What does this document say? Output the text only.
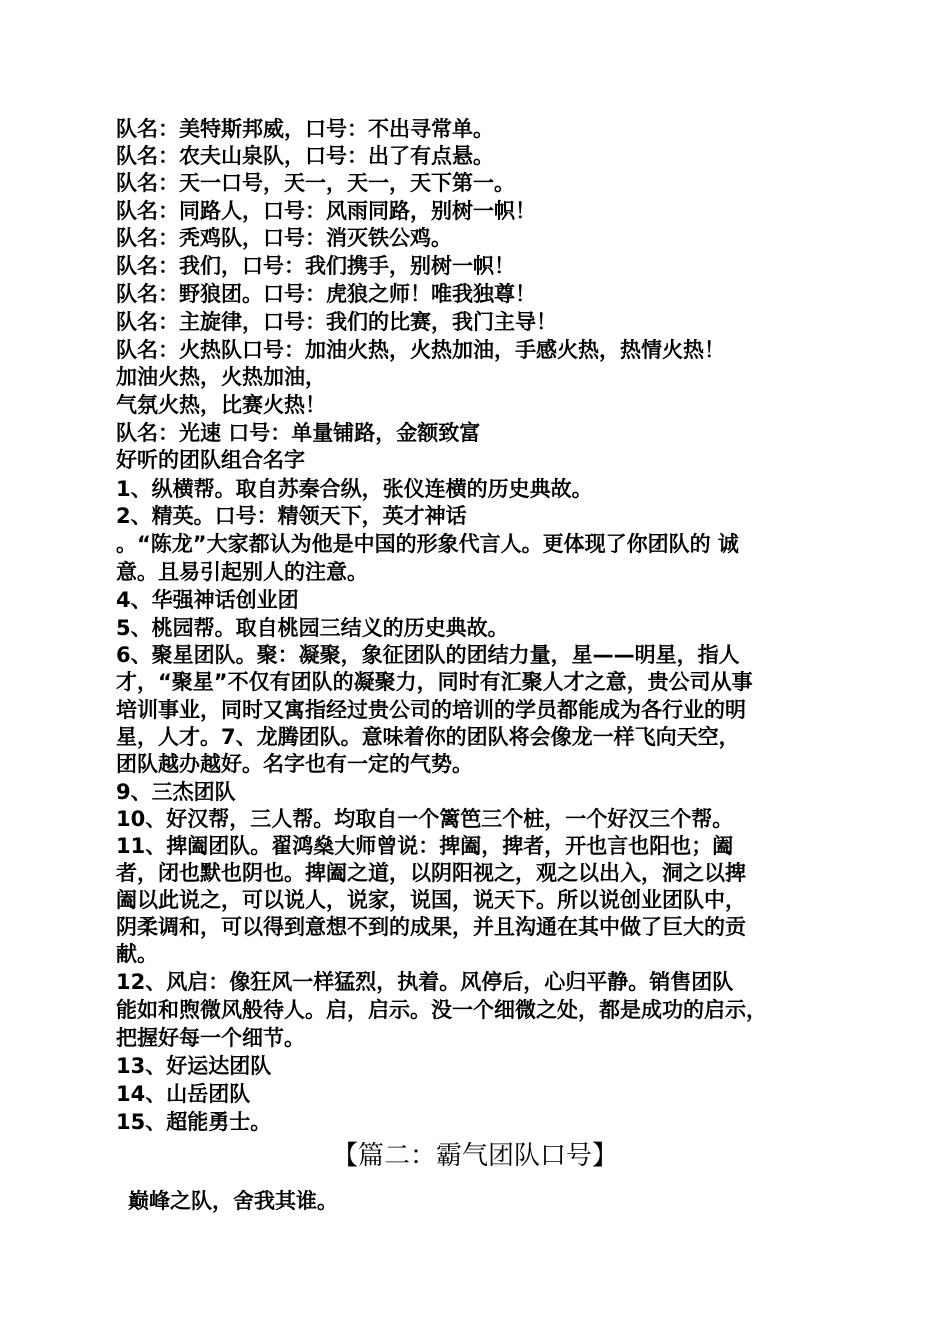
队名：美特斯邦威，口号：不出寻常单。
队名：农夫山泉队，口号：出了有点悬。
队名：天一口号，天一，天一，天下第一。
队名：同路人，口号：风雨同路，别树一帜！
队名：秃鸡队，口号：消灭铁公鸡。
队名：我们，口号：我们携手，别树一帜！
队名：野狼团。口号：虎狼之师！唯我独尊！
队名：主旋律，口号：我们的比赛，我门主导！
队名：火热队口号：加油火热，火热加油，手感火热，热情火热！
加油火热，火热加油，
气氛火热，比赛火热！
队名：光速 口号：单量铺路，金额致富
好听的团队组合名字
1、纵横帮。取自苏秦合纵，张仪连横的历史典故。
2、精英。口号：精领天下，英才神话
。“陈龙”大家都认为他是中国的形象代言人。更体现了你团队的 诚
意。且易引起别人的注意。
4、华强神话创业团
5、桃园帮。取自桃园三结义的历史典故。
6、聚星团队。聚：凝聚，象征团队的团结力量，星——明星，指人
才，“聚星”不仅有团队的凝聚力，同时有汇聚人才之意，贵公司从事
培训事业，同时又寓指经过贵公司的培训的学员都能成为各行业的明
星，人才。7、龙腾团队。意味着你的团队将会像龙一样飞向天空，
团队越办越好。名字也有一定的气势。
9、三杰团队
10、好汉帮，三人帮。均取自一个篱笆三个桩，一个好汉三个帮。
11、捭阖团队。翟鸿燊大师曾说：捭阖，捭者，开也言也阳也；阖
者，闭也默也阴也。捭阖之道，以阴阳视之，观之以出入，洞之以捭
阖以此说之，可以说人，说家，说国，说天下。所以说创业团队中，
阴柔调和，可以得到意想不到的成果，并且沟通在其中做了巨大的贡
献。
12、风启：像狂风一样猛烈，执着。风停后，心归平静。销售团队
能如和煦微风般待人。启，启示。没一个细微之处，都是成功的启示，
把握好每一个细节。
13、好运达团队
14、山岳团队
15、超能勇士。
【篇二：霸气团队口号】
巅峰之队，舍我其谁。
